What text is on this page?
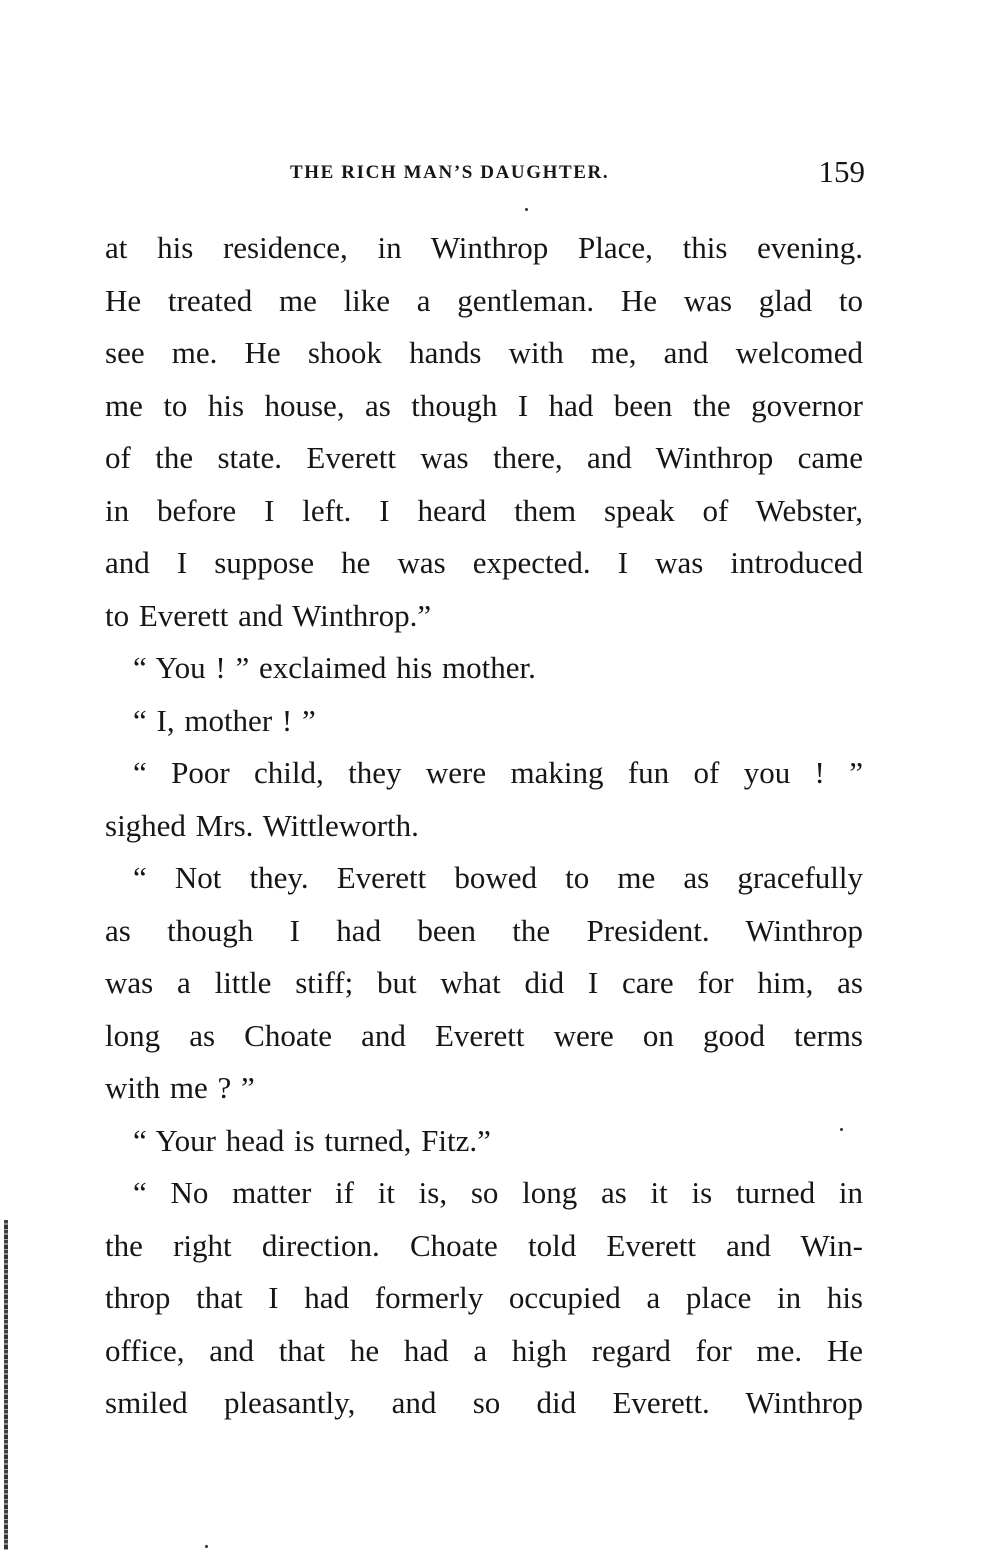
THE RICH MAN’S DAUGHTER.	159
at his residence, in Winthrop Place, this evening.
He treated me like a gentleman. He was glad to
see me. He shook hands with me, and welcomed
me to his house, as though I had been the governor
of the state. Everett was there, and Winthrop came
in before I left. I heard them speak of Webster,
and I suppose he was expected. I was introduced
to Everett and Winthrop.”
“ You ! ” exclaimed his mother.
“ I, mother ! ”
“ Poor child, they were making fun of you ! ”
sighed Mrs. Wittleworth.
“ Not they. Everett bowed to me as gracefully
as though I had been the President. Winthrop
was a little stiff; but what did I care for him, as
long as Choate and Everett were on good terms
with me ? ”
“ Your head is turned, Fitz.”
“ No matter if it is, so long as it is turned in
the right direction. Choate told Everett and Win-
throp that I had formerly occupied a place in his
office, and that he had a high regard for me. He
smiled pleasantly, and so did Everett. Winthrop
